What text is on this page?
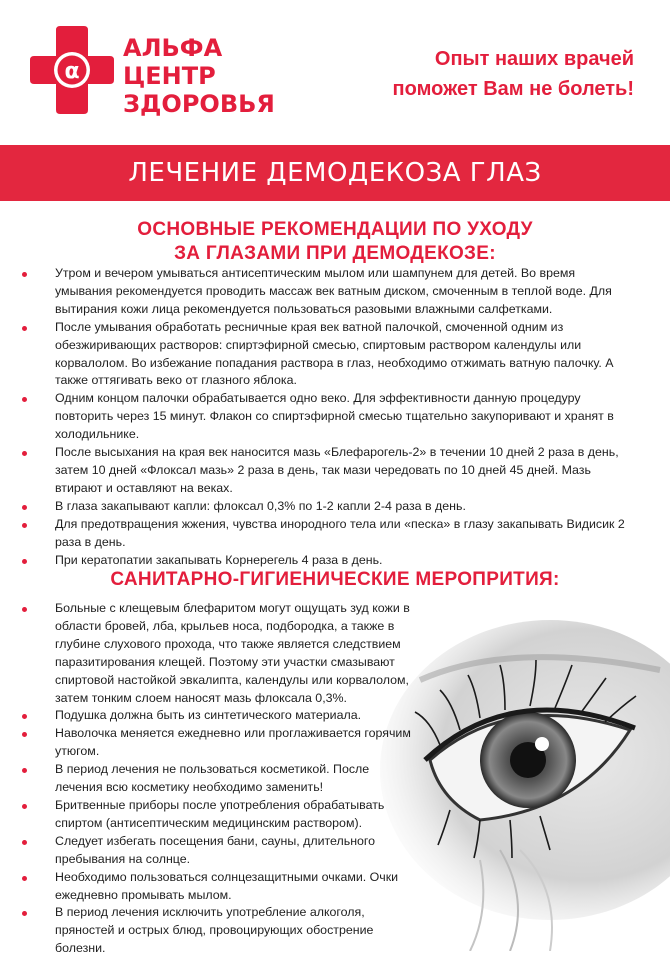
α
АЛЬФА
ЦЕНТР
ЗДОРОВЬЯ
Опыт наших врачей
поможет Вам не болеть!
ЛЕЧЕНИЕ ДЕМОДЕКОЗА ГЛАЗ
ОСНОВНЫЕ РЕКОМЕНДАЦИИ ПО УХОДУ
ЗА ГЛАЗАМИ ПРИ ДЕМОДЕКОЗЕ:
Утром и вечером умываться антисептическим мылом или шампунем для детей. Во время умывания рекомендуется проводить массаж век ватным диском, смоченным в теплой воде. Для вытирания кожи лица рекомендуется пользоваться разовыми влажными салфетками.
После умывания обработать ресничные края век ватной палочкой, смоченной одним из обезжиривающих растворов: спиртэфирной смесью, спиртовым раствором календулы или корвалолом. Во избежание попадания раствора в глаз, необходимо отжимать ватную палочку. А также оттягивать веко от глазного яблока.
Одним концом палочки обрабатывается одно веко. Для эффективности данную процедуру повторить через 15 минут. Флакон со спиртэфирной смесью тщательно закупоривают и хранят в холодильнике.
После высыхания на края век наносится мазь «Блефарогель-2» в течении 10 дней 2 раза в день, затем 10 дней «Флоксал мазь» 2 раза в день, так мази чередовать по 10 дней 45 дней. Мазь втирают и оставляют на веках.
В глаза закапывают капли: флоксал 0,3% по 1-2 капли 2-4 раза в день.
Для предотвращения жжения, чувства инородного тела или «песка» в глазу закапывать Видисик 2 раза в день.
При кератопатии закапывать Корнерегель 4 раза в день.
САНИТАРНО-ГИГИЕНИЧЕСКИЕ МЕРОПРИТИЯ:
Больные с клещевым блефаритом могут ощущать зуд кожи в области бровей, лба, крыльев носа, подбородка, а также в глубине слухового прохода, что также является следствием паразитирования клещей. Поэтому эти участки смазывают спиртовой настойкой эвкалипта, календулы или корвалолом, затем тонким слоем наносят мазь флоксала 0,3%.
Подушка должна быть из синтетического материала.
Наволочка меняется ежедневно или проглаживается горячим утюгом.
В период лечения не пользоваться косметикой. После лечения всю косметику необходимо заменить!
Бритвенные приборы после употребления обрабатывать спиртом (антисептическим медицинским раствором).
Следует избегать посещения бани, сауны, длительного пребывания на солнце.
Необходимо пользоваться солнцезащитными очками. Очки ежедневно промывать мылом.
В период лечения исключить употребление алкоголя, пряностей и острых блюд, провоцирующих обострение болезни.
